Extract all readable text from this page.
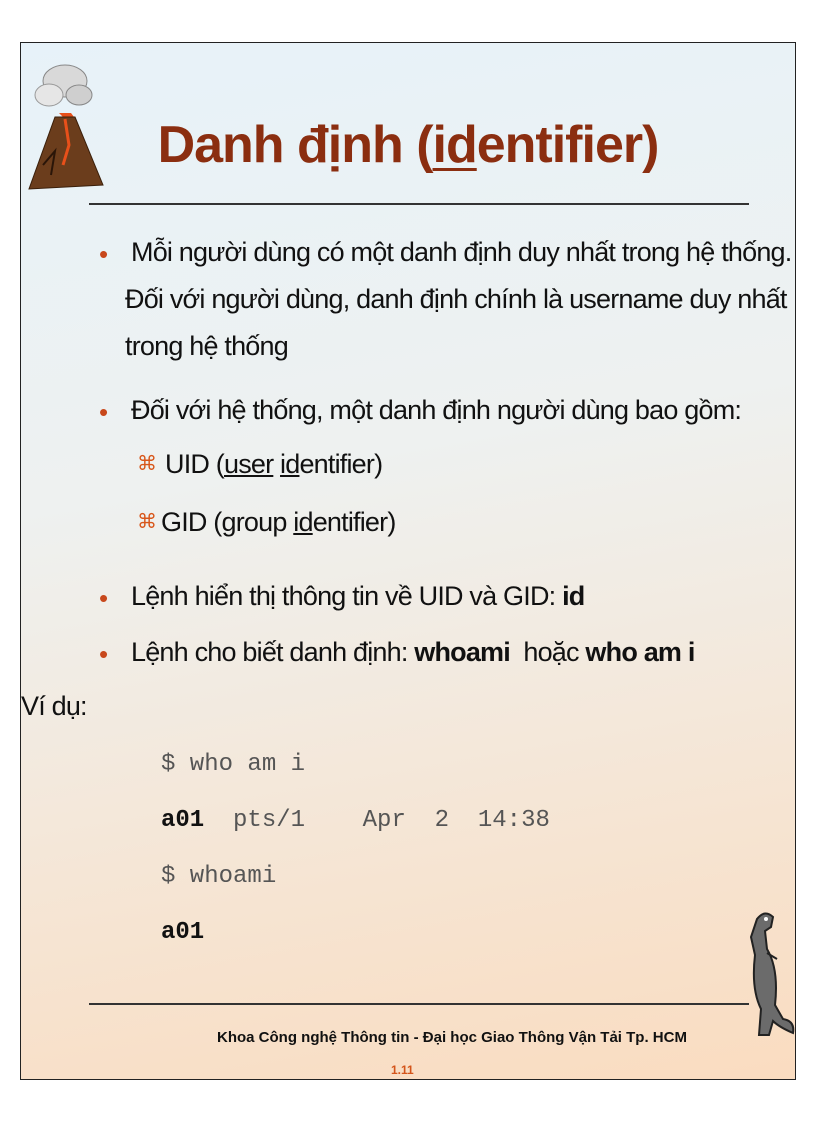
Danh định (identifier)
• Mỗi người dùng có một danh định duy nhất trong hệ thống.
Đối với người dùng, danh định chính là username duy nhất
trong hệ thống
• Đối với hệ thống, một danh định người dùng bao gồm:
⌘ UID (user identifier)
⌘ GID (group identifier)
• Lệnh hiển thị thông tin về UID và GID: id
• Lệnh cho biết danh định: whoami  hoặc who am i
Ví dụ:
$ who am i
a01  pts/1    Apr  2  14:38
$ whoami
a01
Khoa Công nghệ Thông tin - Đại học Giao Thông Vận Tải Tp. HCM
1.11
